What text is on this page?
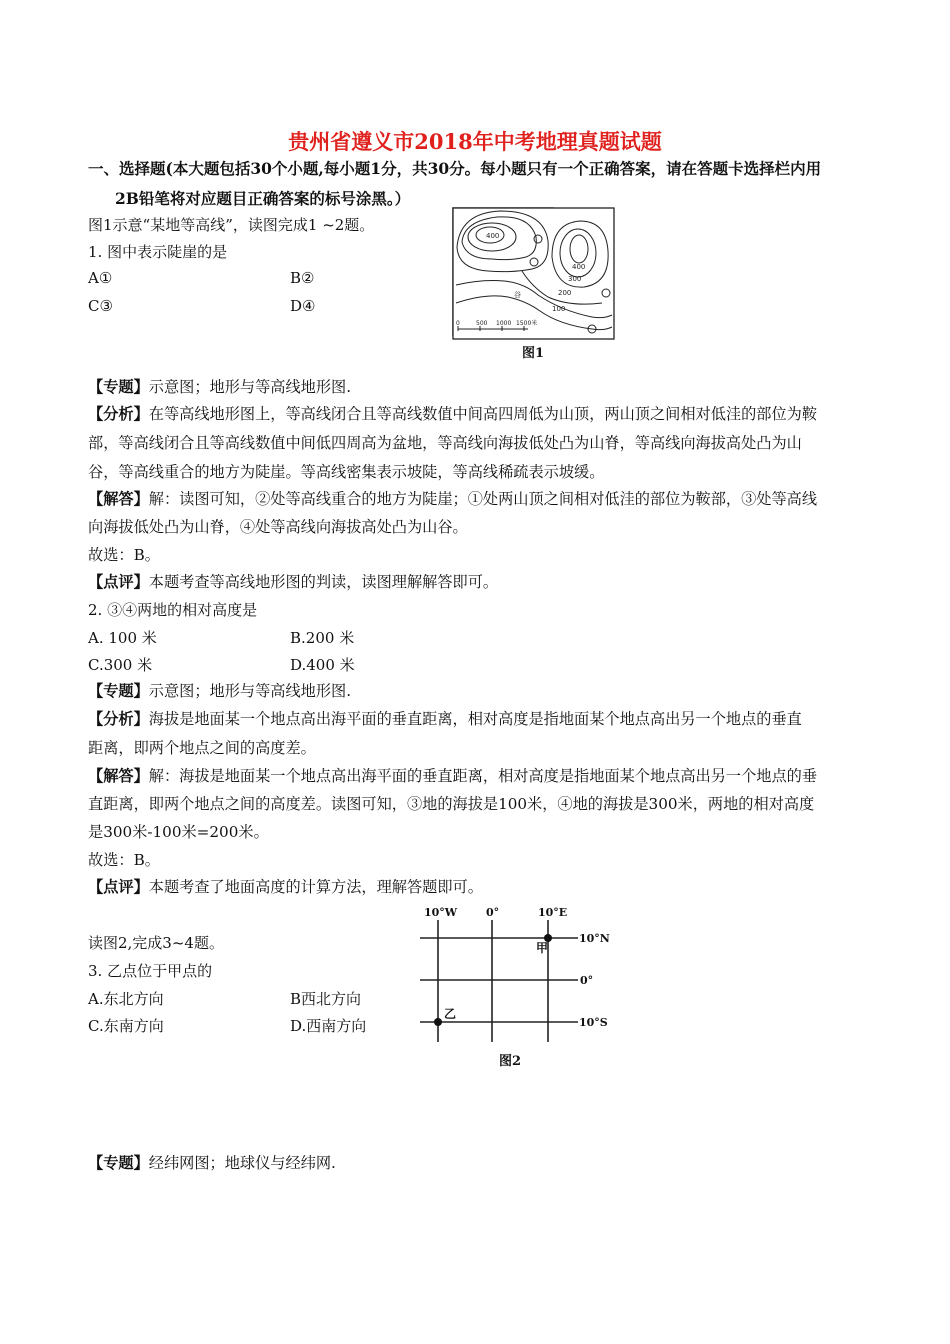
贵州省遵义市2018年中考地理真题试题
一、选择题(本大题包括30个小题,每小题1分，共30分。每小题只有一个正确答案，请在答题卡选择栏内用
2B铅笔将对应题目正确答案的标号涂黑。）
图1示意“某地等高线”，读图完成1 ~2题。
1. 图中表示陡崖的是
A①	B②
C③	D④
400
400
300
200
100
谷
0	500 1000 1500米
图1
【专题】示意图；地形与等高线地形图.
【分析】在等高线地形图上，等高线闭合且等高线数值中间高四周低为山顶，两山顶之间相对低洼的部位为鞍
部，等高线闭合且等高线数值中间低四周高为盆地，等高线向海拔低处凸为山脊，等高线向海拔高处凸为山
谷，等高线重合的地方为陡崖。等高线密集表示坡陡，等高线稀疏表示坡缓。
【解答】解：读图可知，②处等高线重合的地方为陡崖；①处两山顶之间相对低洼的部位为鞍部，③处等高线
向海拔低处凸为山脊，④处等高线向海拔高处凸为山谷。
故选：B。
【点评】本题考查等高线地形图的判读，读图理解解答即可。
2. ③④两地的相对高度是
A. 100 米	B.200 米
C.300 米	D.400 米
【专题】示意图；地形与等高线地形图.
【分析】海拔是地面某一个地点高出海平面的垂直距离，相对高度是指地面某个地点高出另一个地点的垂直
距离，即两个地点之间的高度差。
【解答】解：海拔是地面某一个地点高出海平面的垂直距离，相对高度是指地面某个地点高出另一个地点的垂
直距离，即两个地点之间的高度差。读图可知，③地的海拔是100米，④地的海拔是300米，两地的相对高度
是300米-100米=200米。
故选：B。
【点评】本题考查了地面高度的计算方法，理解答题即可。
读图2,完成3~4题。
3. 乙点位于甲点的
A.东北方向	B西北方向
C.东南方向	D.西南方向
10°W	0°	10°E
10°N
0°
10°S
甲
乙
图2
【专题】经纬网图；地球仪与经纬网.
